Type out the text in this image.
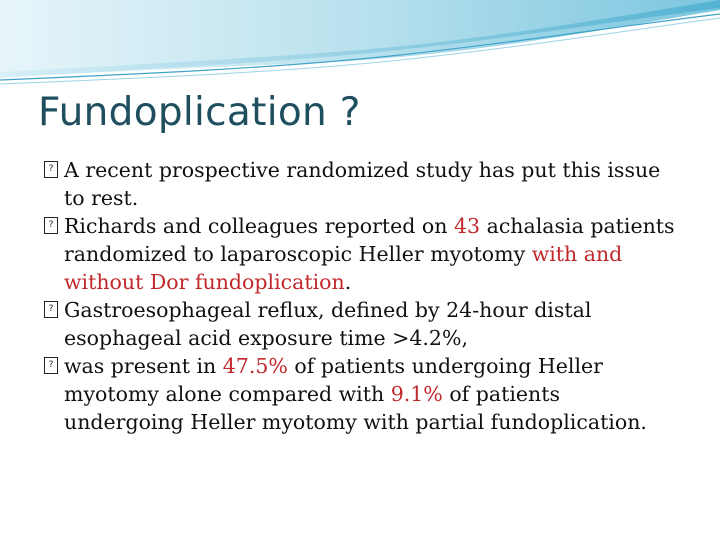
Fundoplication ?
? A recent prospective randomized study has put this issue to rest.
? Richards and colleagues reported on 43 achalasia patients randomized to laparoscopic Heller myotomy with and without Dor fundoplication.
? Gastroesophageal reflux, defined by 24-hour distal esophageal acid exposure time >4.2%,
? was present in 47.5% of patients undergoing Heller myotomy alone compared with 9.1% of patients undergoing Heller myotomy with partial fundoplication.
